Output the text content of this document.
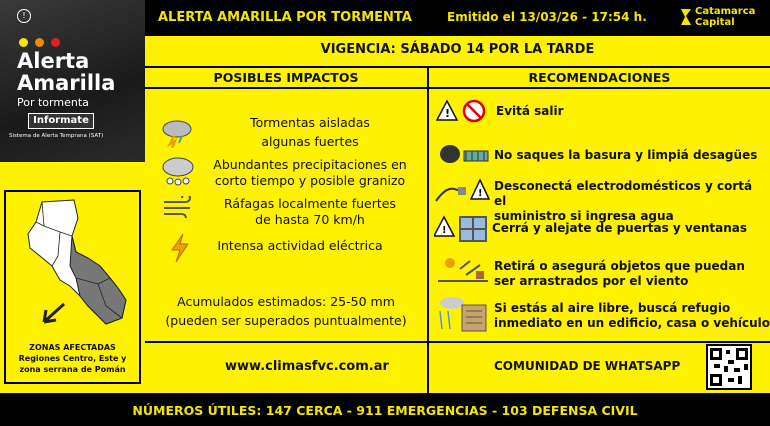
!
Alerta Amarilla
Por tormenta
Informate
Sistema de Alerta Temprana (SAT)
ALERTA AMARILLA POR TORMENTA	Emitido el 13/03/26 - 17:54 h.	Catamarca
Capital
VIGENCIA: SÁBADO 14 POR LA TARDE
POSIBLES IMPACTOS	RECOMENDACIONES
Tormentas aisladas
algunas fuertes
Abundantes precipitaciones en
corto tiempo y posible granizo
Ráfagas localmente fuertes
de hasta 70 km/h
Intensa actividad eléctrica
Acumulados estimados: 25-50 mm
(pueden ser superados puntualmente)
!	Evitá salir
No saques la basura y limpiá desagües
!
Desconectá electrodomésticos y cortá el
suministro si ingresa agua
!	Cerrá y alejate de puertas y ventanas
Retirá o asegurá objetos que puedan
ser arrastrados por el viento
Si estás al aire libre, buscá refugio
inmediato en un edificio, casa o vehículo
ZONAS AFECTADAS
Regiones Centro, Este y
zona serrana de Pomán	www.climasfvc.com.ar	COMUNIDAD DE WHATSAPP
NÚMEROS ÚTILES: 147 CERCA - 911 EMERGENCIAS - 103 DEFENSA CIVIL
